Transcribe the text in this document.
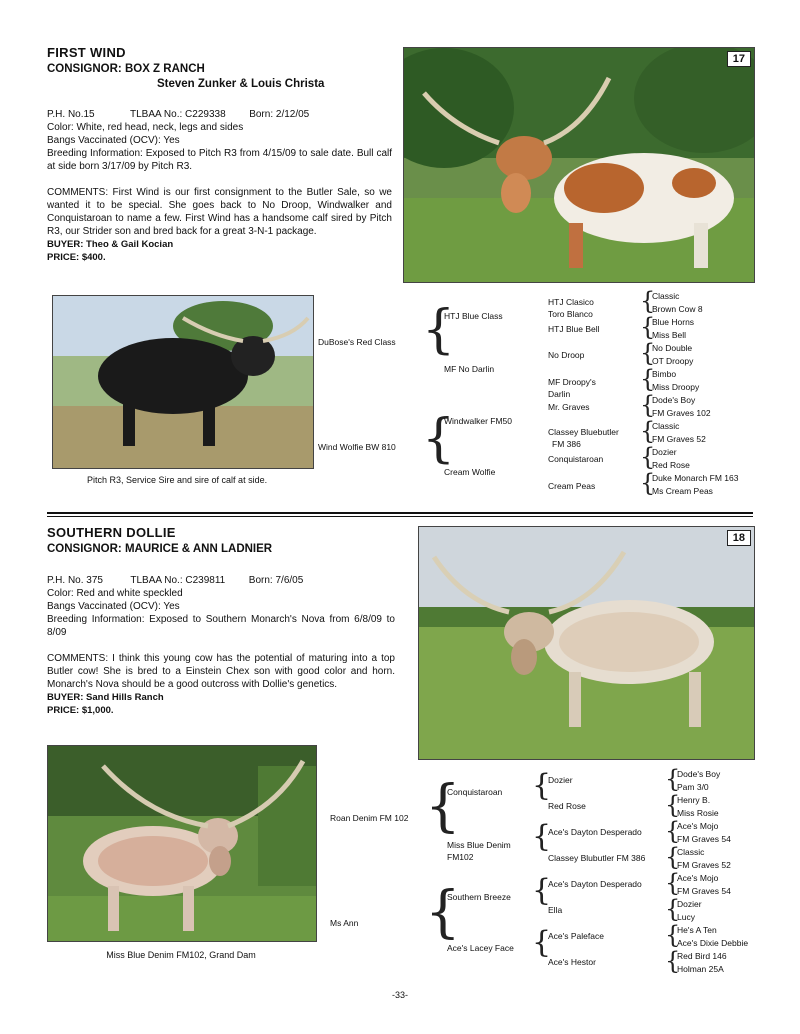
FIRST WIND
CONSIGNOR: BOX Z RANCH
Steven Zunker & Louis Christa
P.H. No.15	TLBAA No.: C229338 Born: 2/12/05
Color: White, red head, neck, legs and sides
Bangs Vaccinated (OCV): Yes
Breeding Information: Exposed to Pitch R3 from 4/15/09 to sale date. Bull calf at side born 3/17/09 by Pitch R3.
COMMENTS: First Wind is our first consignment to the Butler Sale, so we wanted it to be special. She goes back to No Droop, Windwalker and Conquistaroan to name a few. First Wind has a handsome calf sired by Pitch R3, our Strider son and bred back for a great 3-N-1 package.
BUYER: Theo & Gail Kocian
PRICE: $400.
17
Pitch R3, Service Sire and sire of calf at side.
DuBose's Red Class
Wind Wolfie BW 810
{
{
HTJ Blue Class
MF No Darlin
Windwalker FM50
Cream Wolfie
HTJ Clasico
Toro Blanco
HTJ Blue Bell
No Droop
MF Droopy's
Darlin
Mr. Graves
Classey Bluebutler
FM 386
Conquistaroan
Cream Peas
{
{
{
{
{
{
{
{
Classic
Brown Cow 8
Blue Horns
Miss Bell
No Double
OT Droopy
Bimbo
Miss Droopy
Dode's Boy
FM Graves 102
Classic
FM Graves 52
Dozier
Red Rose
Duke Monarch FM 163
Ms Cream Peas
SOUTHERN DOLLIE
CONSIGNOR: MAURICE & ANN LADNIER
P.H. No. 375	TLBAA No.: C239811 Born: 7/6/05
Color: Red and white speckled
Bangs Vaccinated (OCV): Yes
Breeding Information: Exposed to Southern Monarch's Nova from 6/8/09 to 8/09
COMMENTS: I think this young cow has the potential of maturing into a top Butler cow! She is bred to a Einstein Chex son with good color and horn. Monarch's Nova should be a good outcross with Dollie's genetics.
BUYER: Sand Hills Ranch
PRICE: $1,000.
18
Miss Blue Denim FM102, Grand Dam
Roan Denim FM 102
Ms Ann
{
{
Conquistaroan
Miss Blue Denim
FM102
Southern Breeze
Ace's Lacey Face
{
{
{
{
Dozier
Red Rose
Ace's Dayton Desperado
Classey Blubutler FM 386
Ace's Dayton Desperado
Ella
Ace's Paleface
Ace's Hestor
{
{
{
{
{
{
{
{
Dode's Boy
Pam 3/0
Henry B.
Miss Rosie
Ace's Mojo
FM Graves 54
Classic
FM Graves 52
Ace's Mojo
FM Graves 54
Dozier
Lucy
He's A Ten
Ace's Dixie Debbie
Red Bird 146
Holman 25A
-33-
